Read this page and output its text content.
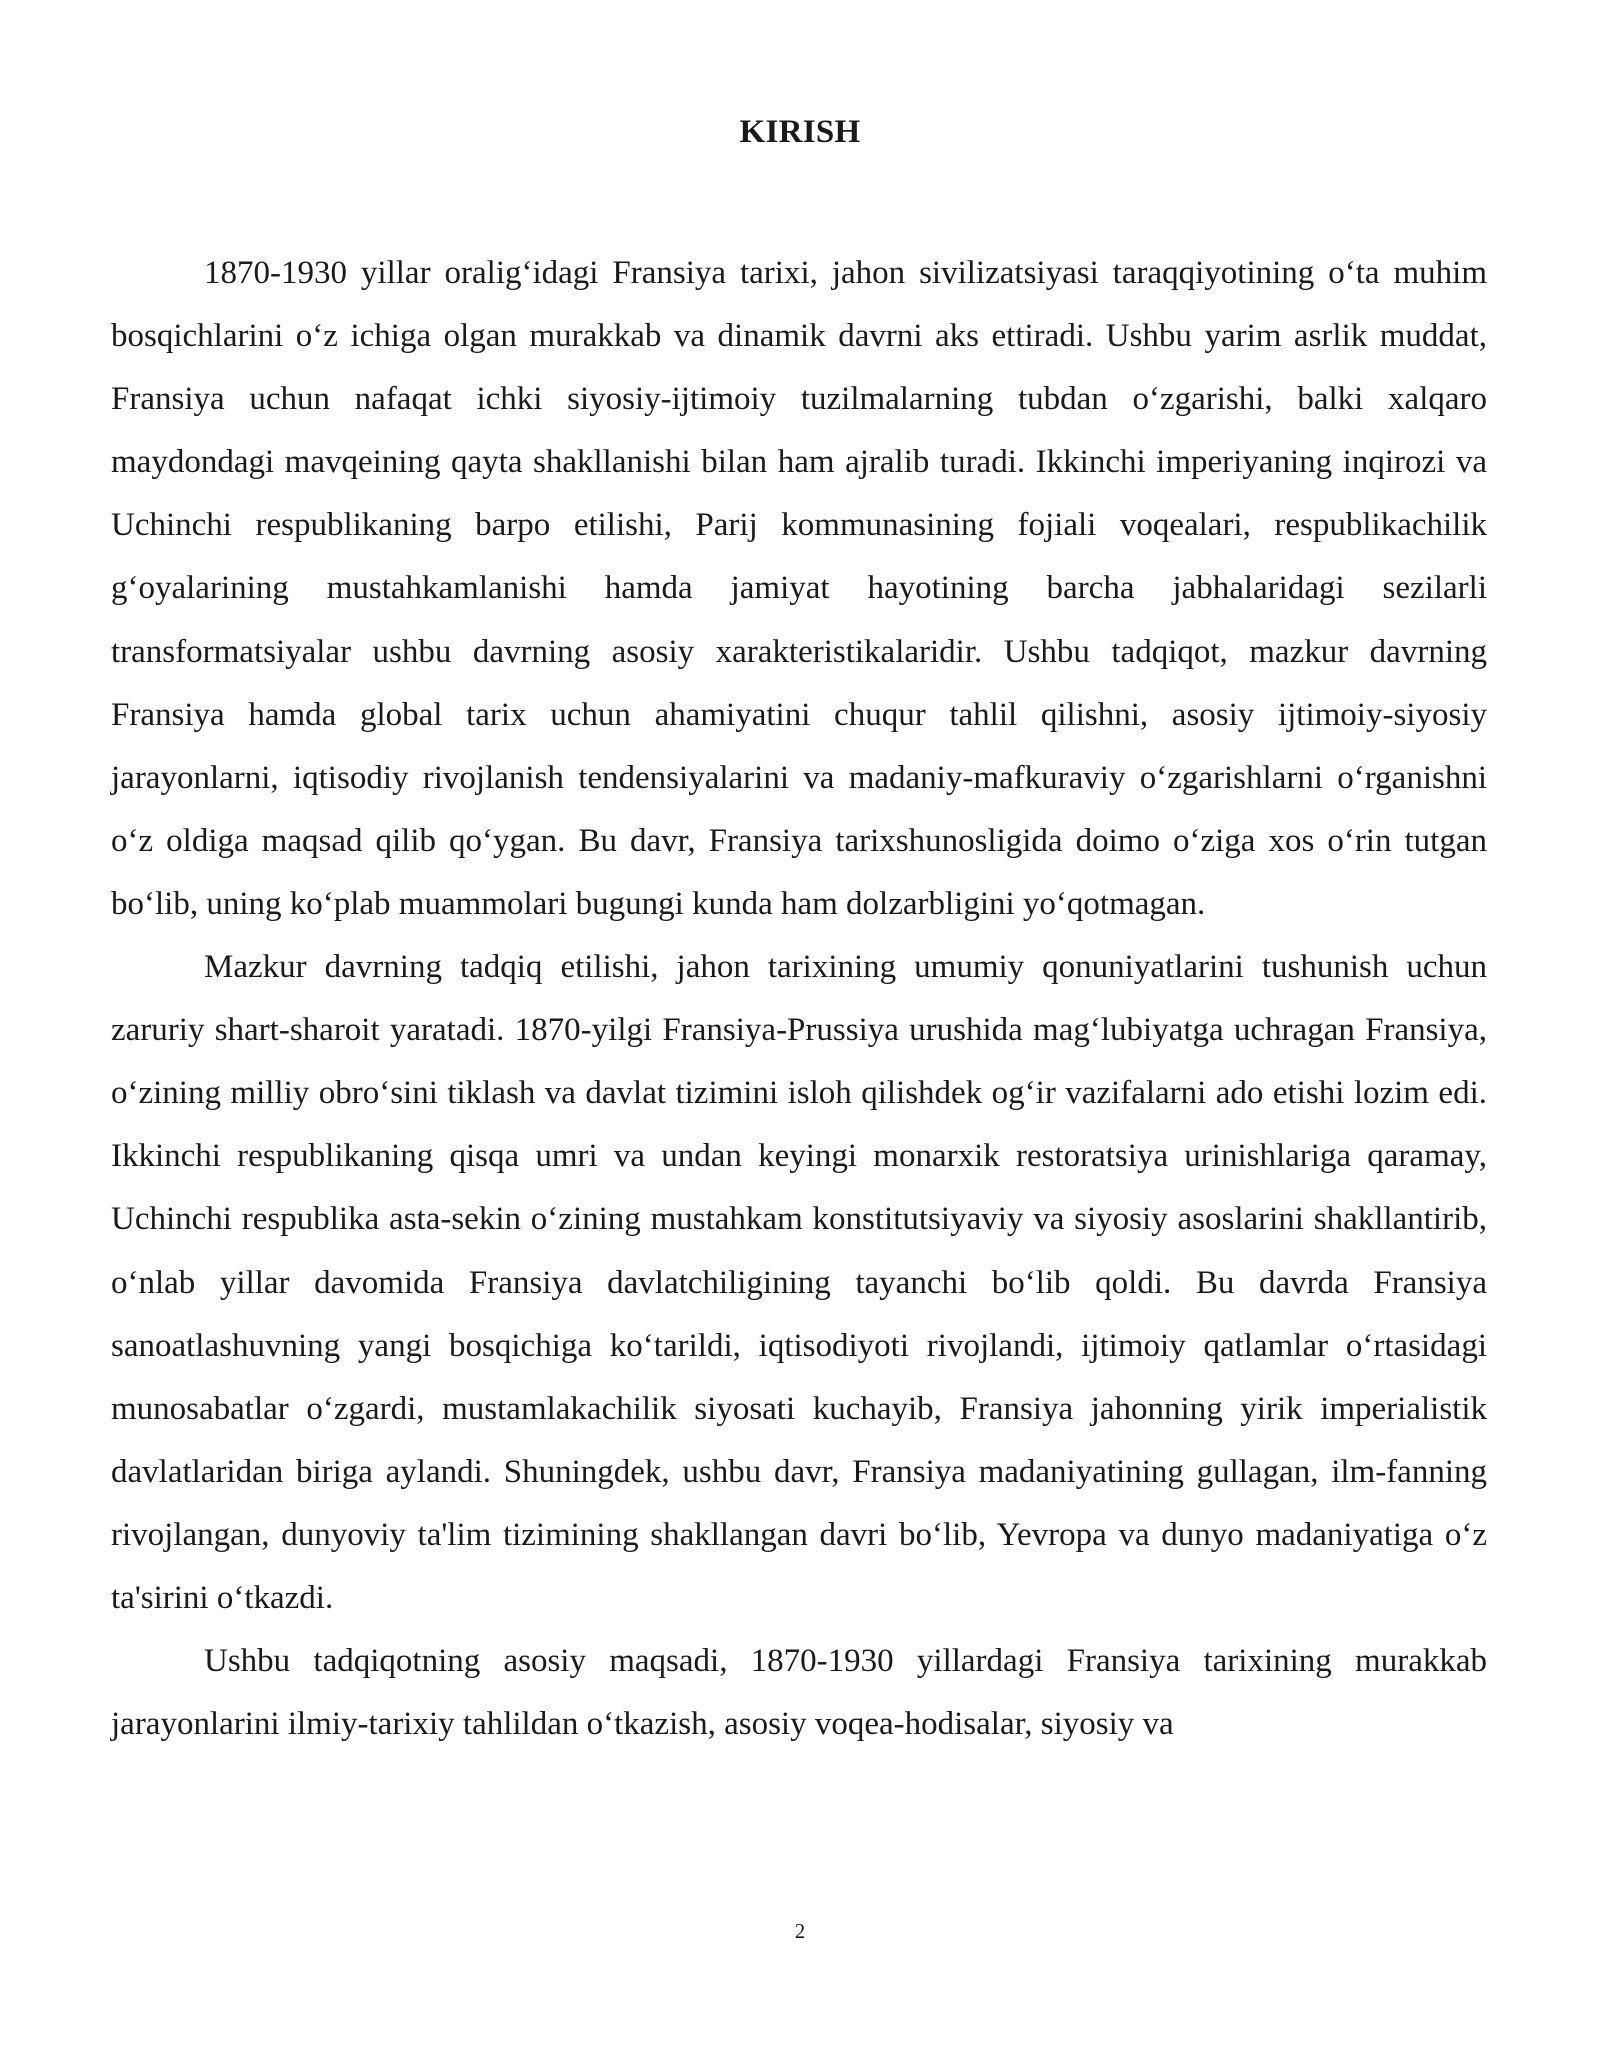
KIRISH

1870-1930 yillar oralig‘idagi Fransiya tarixi, jahon sivilizatsiyasi taraqqiyotining o‘ta muhim bosqichlarini o‘z ichiga olgan murakkab va dinamik davrni aks ettiradi. Ushbu yarim asrlik muddat, Fransiya uchun nafaqat ichki siyosiy-ijtimoiy tuzilmalarning tubdan o‘zgarishi, balki xalqaro maydondagi mavqeining qayta shakllanishi bilan ham ajralib turadi. Ikkinchi imperiyaning inqirozi va Uchinchi respublikaning barpo etilishi, Parij kommunasining fojiali voqealari, respublikachilik g‘oyalarining mustahkamlanishi hamda jamiyat hayotining barcha jabhalaridagi sezilarli transformatsiyalar ushbu davrning asosiy xarakteristikalaridir. Ushbu tadqiqot, mazkur davrning Fransiya hamda global tarix uchun ahamiyatini chuqur tahlil qilishni, asosiy ijtimoiy-siyosiy jarayonlarni, iqtisodiy rivojlanish tendensiyalarini va madaniy-mafkuraviy o‘zgarishlarni o‘rganishni o‘z oldiga maqsad qilib qo‘ygan. Bu davr, Fransiya tarixshunosligida doimo o‘ziga xos o‘rin tutgan bo‘lib, uning ko‘plab muammolari bugungi kunda ham dolzarbligini yo‘qotmagan.

Mazkur davrning tadqiq etilishi, jahon tarixining umumiy qonuniyatlarini tushunish uchun zaruriy shart-sharoit yaratadi. 1870-yilgi Fransiya-Prussiya urushida mag‘lubiyatga uchragan Fransiya, o‘zining milliy obro‘sini tiklash va davlat tizimini isloh qilishdek og‘ir vazifalarni ado etishi lozim edi. Ikkinchi respublikaning qisqa umri va undan keyingi monarxik restoratsiya urinishlariga qaramay, Uchinchi respublika asta-sekin o‘zining mustahkam konstitutsiyaviy va siyosiy asoslarini shakllantirib, o‘nlab yillar davomida Fransiya davlatchiligining tayanchi bo‘lib qoldi. Bu davrda Fransiya sanoatlashuvning yangi bosqichiga ko‘tarildi, iqtisodiyoti rivojlandi, ijtimoiy qatlamlar o‘rtasidagi munosabatlar o‘zgardi, mustamlakachilik siyosati kuchayib, Fransiya jahonning yirik imperialistik davlatlaridan biriga aylandi. Shuningdek, ushbu davr, Fransiya madaniyatining gullagan, ilm-fanning rivojlangan, dunyoviy ta'lim tizimining shakllangan davri bo‘lib, Yevropa va dunyo madaniyatiga o‘z ta'sirini o‘tkazdi.

Ushbu tadqiqotning asosiy maqsadi, 1870-1930 yillardagi Fransiya tarixining murakkab jarayonlarini ilmiy-tarixiy tahlildan o‘tkazish, asosiy voqea-hodisalar, siyosiy va

2
